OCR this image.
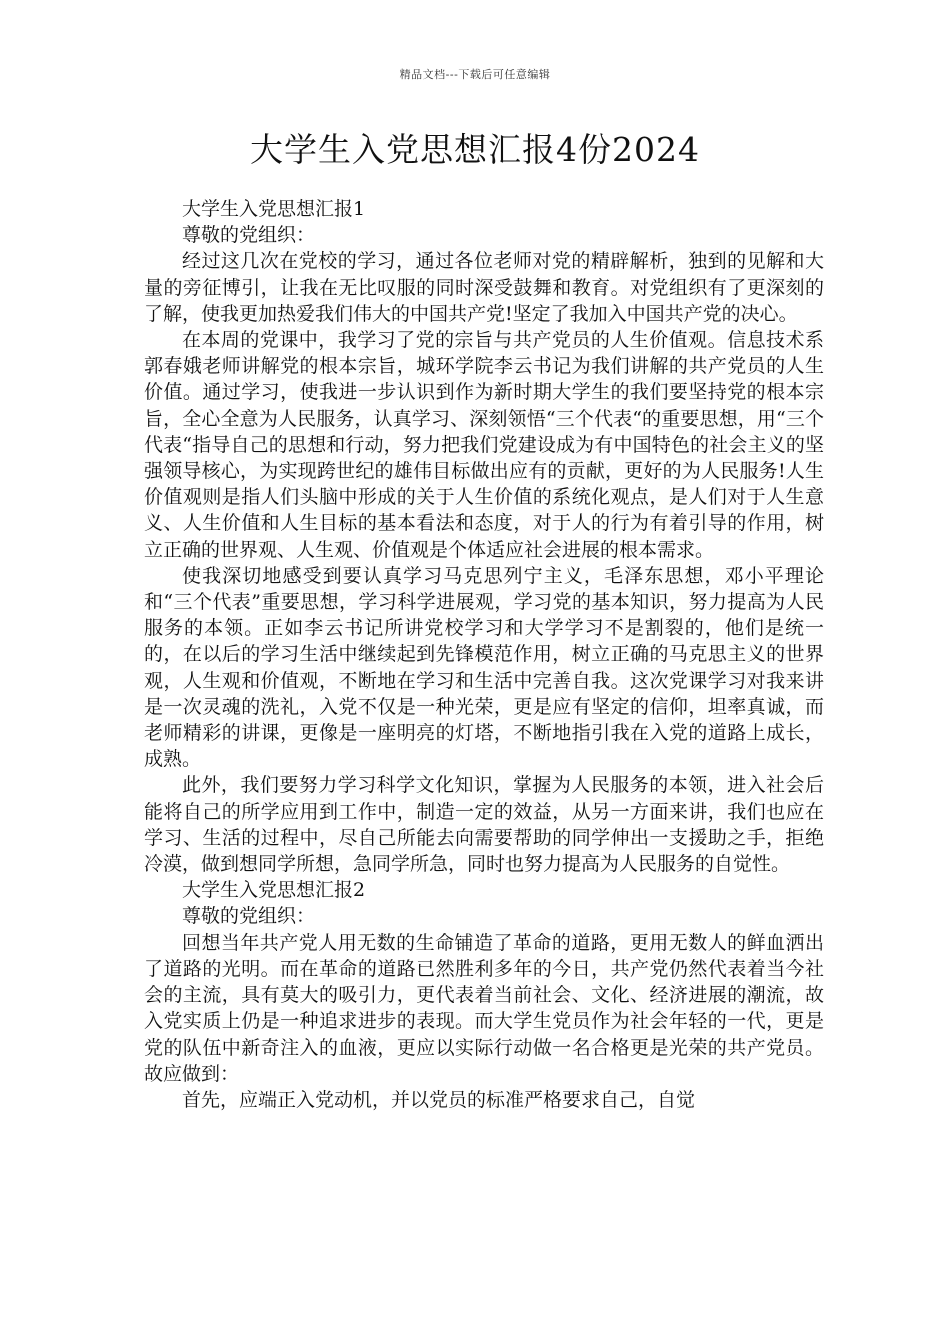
精品文档---下载后可任意编辑
大学生入党思想汇报4份2024

大学生入党思想汇报1

尊敬的党组织：

经过这几次在党校的学习，通过各位老师对党的精辟解析，独到的见解和大量的旁征博引，让我在无比叹服的同时深受鼓舞和教育。对党组织有了更深刻的了解，使我更加热爱我们伟大的中国共产党!坚定了我加入中国共产党的决心。

在本周的党课中，我学习了党的宗旨与共产党员的人生价值观。信息技术系郭春娥老师讲解党的根本宗旨，城环学院李云书记为我们讲解的共产党员的人生价值。通过学习，使我进一步认识到作为新时期大学生的我们要坚持党的根本宗旨，全心全意为人民服务，认真学习、深刻领悟“三个代表“的重要思想，用“三个代表“指导自己的思想和行动，努力把我们党建设成为有中国特色的社会主义的坚强领导核心，为实现跨世纪的雄伟目标做出应有的贡献，更好的为人民服务!人生价值观则是指人们头脑中形成的关于人生价值的系统化观点，是人们对于人生意义、人生价值和人生目标的基本看法和态度，对于人的行为有着引导的作用，树立正确的世界观、人生观、价值观是个体适应社会进展的根本需求。

使我深切地感受到要认真学习马克思列宁主义，毛泽东思想，邓小平理论和“三个代表”重要思想，学习科学进展观，学习党的基本知识，努力提高为人民服务的本领。正如李云书记所讲党校学习和大学学习不是割裂的，他们是统一的，在以后的学习生活中继续起到先锋模范作用，树立正确的马克思主义的世界观，人生观和价值观，不断地在学习和生活中完善自我。这次党课学习对我来讲是一次灵魂的洗礼，入党不仅是一种光荣，更是应有坚定的信仰，坦率真诚，而老师精彩的讲课，更像是一座明亮的灯塔，不断地指引我在入党的道路上成长，成熟。

此外，我们要努力学习科学文化知识，掌握为人民服务的本领，进入社会后能将自己的所学应用到工作中，制造一定的效益，从另一方面来讲，我们也应在学习、生活的过程中，尽自己所能去向需要帮助的同学伸出一支援助之手，拒绝冷漠，做到想同学所想，急同学所急，同时也努力提高为人民服务的自觉性。

大学生入党思想汇报2

尊敬的党组织：

回想当年共产党人用无数的生命铺造了革命的道路，更用无数人的鲜血洒出了道路的光明。而在革命的道路已然胜利多年的今日，共产党仍然代表着当今社会的主流，具有莫大的吸引力，更代表着当前社会、文化、经济进展的潮流，故入党实质上仍是一种追求进步的表现。而大学生党员作为社会年轻的一代，更是党的队伍中新奇注入的血液，更应以实际行动做一名合格更是光荣的共产党员。故应做到：

首先，应端正入党动机，并以党员的标准严格要求自己，自觉
